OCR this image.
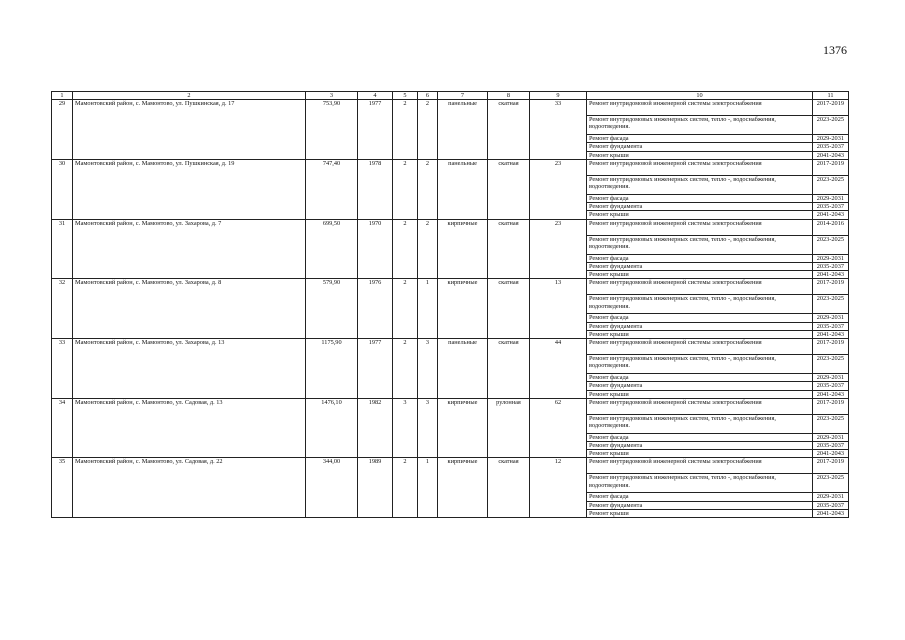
1376
1	2	3	4	5	6	7	8	9	10	11
29	Мамонтовский район, с. Мамонтово, ул. Пушкинская, д. 17	753,90	1977	2	2	панельные	скатная	33	Ремонт внутридомовой инженерной системы электроснабжения	2017-2019
									Ремонт внутридомовых инженерных систем, тепло -, водоснабжения, водоотведения.	2023-2025
									Ремонт фасада	2029-2031
									Ремонт фундамента	2035-2037
									Ремонт крыши	2041-2043
30	Мамонтовский район, с. Мамонтово, ул. Пушкинская, д. 19	747,40	1978	2	2	панельные	скатная	23	Ремонт внутридомовой инженерной системы электроснабжения	2017-2019
									Ремонт внутридомовых инженерных систем, тепло -, водоснабжения, водоотведения.	2023-2025
									Ремонт фасада	2029-2031
									Ремонт фундамента	2035-2037
									Ремонт крыши	2041-2043
31	Мамонтовский район, с. Мамонтово, ул. Захарова, д. 7	699,50	1970	2	2	кирпичные	скатная	23	Ремонт внутридомовой инженерной системы электроснабжения	2014-2016
									Ремонт внутридомовых инженерных систем, тепло -, водоснабжения, водоотведения.	2023-2025
									Ремонт фасада	2029-2031
									Ремонт фундамента	2035-2037
									Ремонт крыши	2041-2043
32	Мамонтовский район, с. Мамонтово, ул. Захарова, д. 8	579,90	1976	2	1	кирпичные	скатная	13	Ремонт внутридомовой инженерной системы электроснабжения	2017-2019
									Ремонт внутридомовых инженерных систем, тепло -, водоснабжения, водоотведения.	2023-2025
									Ремонт фасада	2029-2031
									Ремонт фундамента	2035-2037
									Ремонт крыши	2041-2043
33	Мамонтовский район, с. Мамонтово, ул. Захарова, д. 13	1175,90	1977	2	3	панельные	скатная	44	Ремонт внутридомовой инженерной системы электроснабжения	2017-2019
									Ремонт внутридомовых инженерных систем, тепло -, водоснабжения, водоотведения.	2023-2025
									Ремонт фасада	2029-2031
									Ремонт фундамента	2035-2037
									Ремонт крыши	2041-2043
34	Мамонтовский район, с. Мамонтово, ул. Садовая, д. 13	1476,10	1982	3	3	кирпичные	рулонная	62	Ремонт внутридомовой инженерной системы электроснабжения	2017-2019
									Ремонт внутридомовых инженерных систем, тепло -, водоснабжения, водоотведения.	2023-2025
									Ремонт фасада	2029-2031
									Ремонт фундамента	2035-2037
									Ремонт крыши	2041-2043
35	Мамонтовский район, с. Мамонтово, ул. Садовая, д. 22	344,00	1989	2	1	кирпичные	скатная	12	Ремонт внутридомовой инженерной системы электроснабжения	2017-2019
									Ремонт внутридомовых инженерных систем, тепло -, водоснабжения, водоотведения.	2023-2025
									Ремонт фасада	2029-2031
									Ремонт фундамента	2035-2037
									Ремонт крыши	2041-2043
